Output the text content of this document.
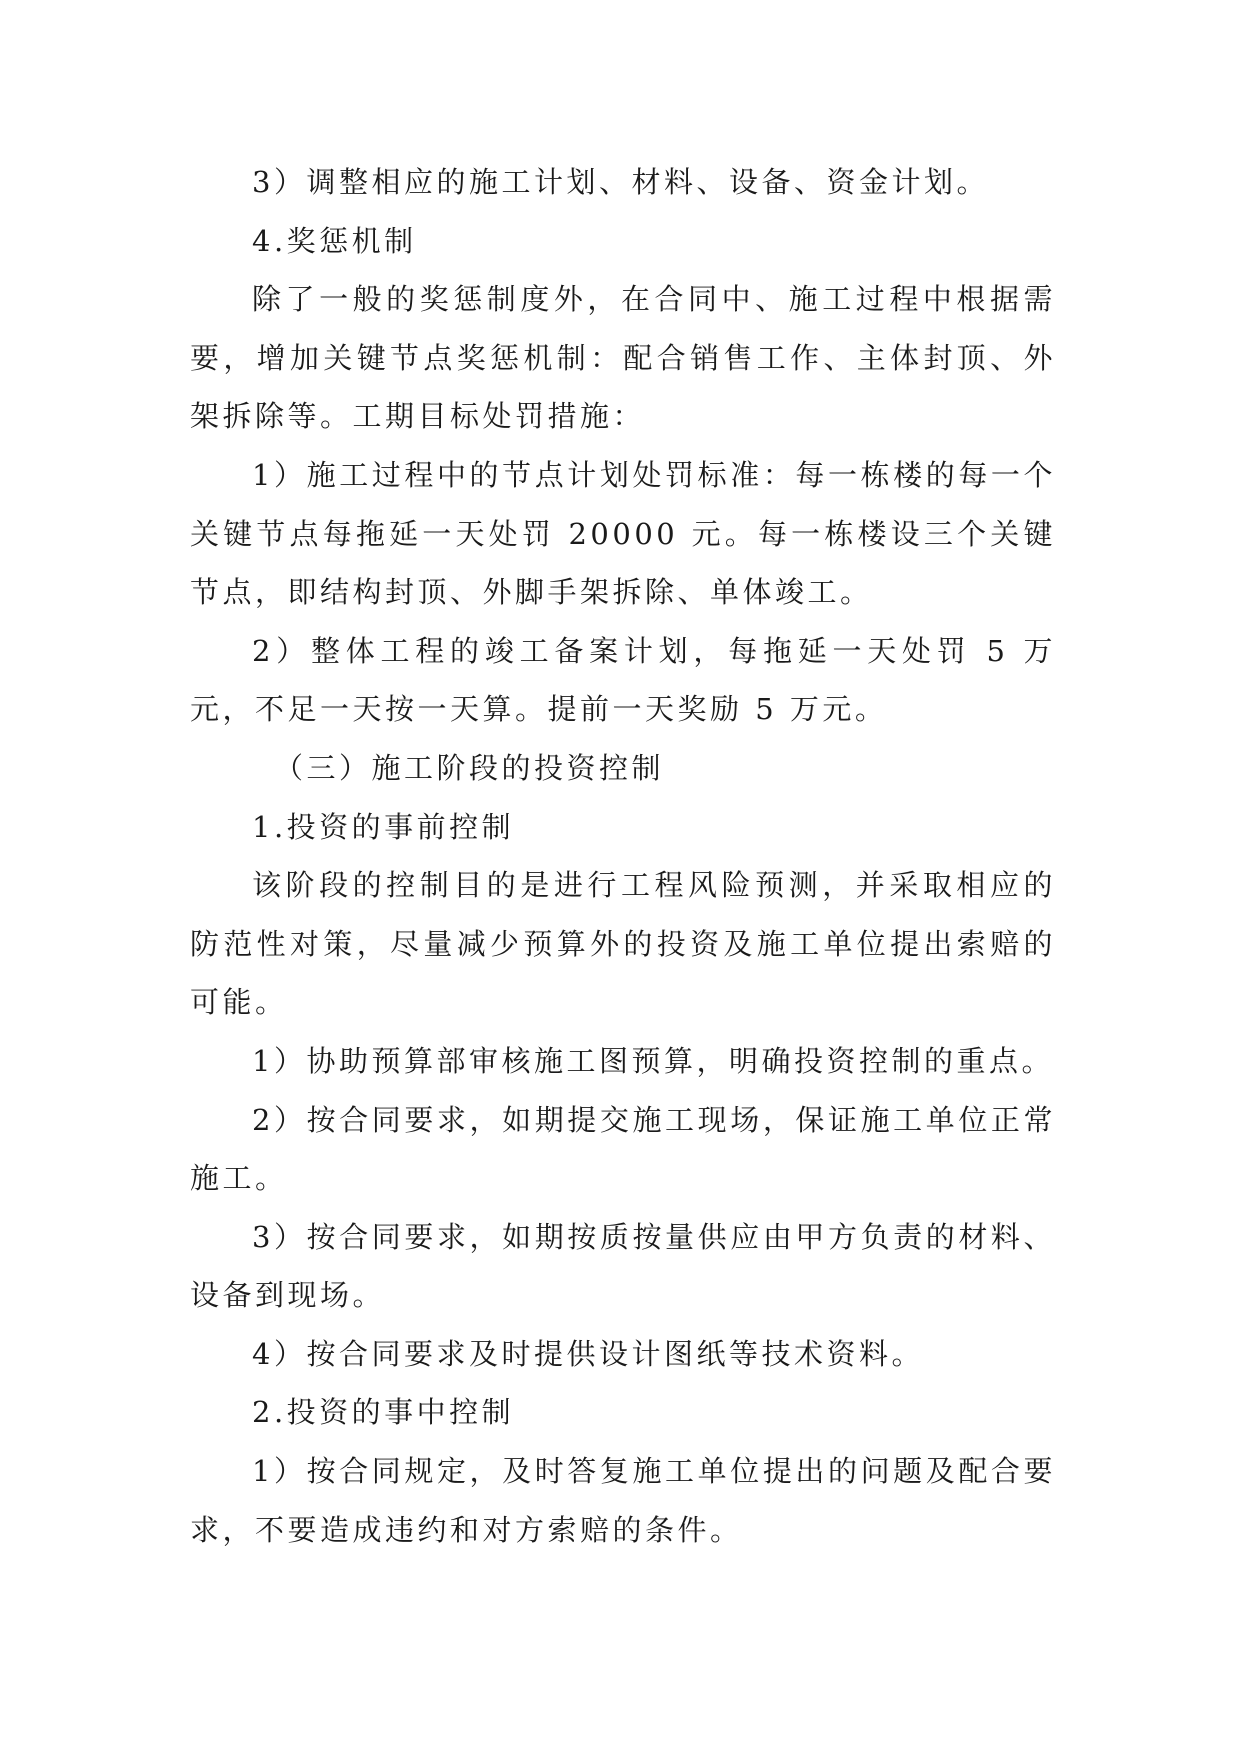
3）调整相应的施工计划、材料、设备、资金计划。

4.奖惩机制

除了一般的奖惩制度外，在合同中、施工过程中根据需要，增加关键节点奖惩机制：配合销售工作、主体封顶、外架拆除等。工期目标处罚措施：

1）施工过程中的节点计划处罚标准：每一栋楼的每一个关键节点每拖延一天处罚 20000 元。每一栋楼设三个关键节点，即结构封顶、外脚手架拆除、单体竣工。

2）整体工程的竣工备案计划，每拖延一天处罚 5 万元，不足一天按一天算。提前一天奖励 5 万元。

（三）施工阶段的投资控制

1.投资的事前控制

该阶段的控制目的是进行工程风险预测，并采取相应的防范性对策，尽量减少预算外的投资及施工单位提出索赔的可能。

1）协助预算部审核施工图预算，明确投资控制的重点。

2）按合同要求，如期提交施工现场，保证施工单位正常施工。

3）按合同要求，如期按质按量供应由甲方负责的材料、设备到现场。

4）按合同要求及时提供设计图纸等技术资料。

2.投资的事中控制

1）按合同规定，及时答复施工单位提出的问题及配合要求，不要造成违约和对方索赔的条件。
